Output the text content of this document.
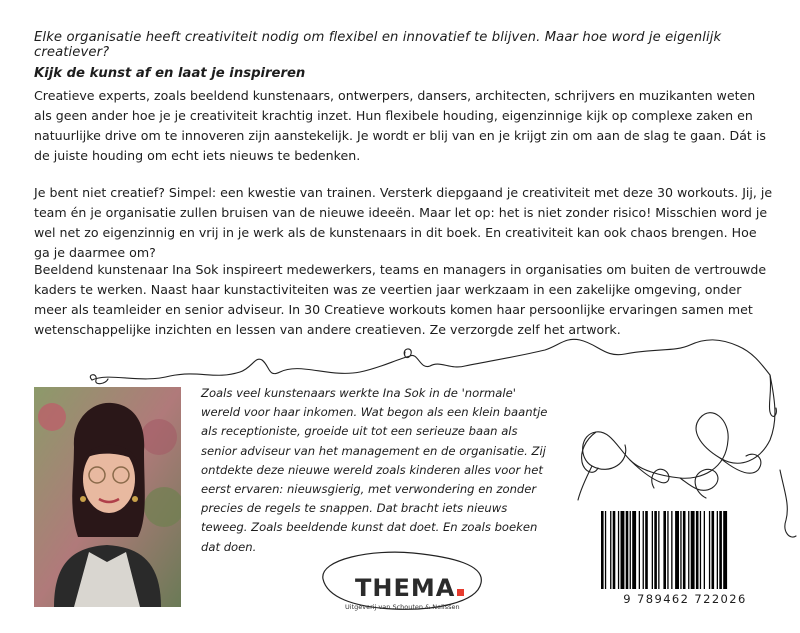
Elke organisatie heeft creativiteit nodig om flexibel en innovatief te blijven. Maar hoe word je eigenlijk creatiever?
Kijk de kunst af en laat je inspireren

Creatieve experts, zoals beeldend kunstenaars, ontwerpers, dansers, architecten, schrijvers en muzikanten weten als geen ander hoe je je creativiteit krachtig inzet. Hun flexibele houding, eigenzinnige kijk op complexe zaken en natuurlijke drive om te innoveren zijn aanstekelijk. Je wordt er blij van en je krijgt zin om aan de slag te gaan. Dát is de juiste houding om echt iets nieuws te bedenken.

Je bent niet creatief? Simpel: een kwestie van trainen. Versterk diepgaand je creativiteit met deze 30 workouts. Jij, je team én je organisatie zullen bruisen van de nieuwe ideeën. Maar let op: het is niet zonder risico! Misschien word je wel net zo eigenzinnig en vrij in je werk als de kunstenaars in dit boek. En creativiteit kan ook chaos brengen. Hoe ga je daarmee om?

Beeldend kunstenaar Ina Sok inspireert medewerkers, teams en managers in organisaties om buiten de vertrouwde kaders te werken. Naast haar kunstactiviteiten was ze veertien jaar werkzaam in een zakelijke omgeving, onder meer als teamleider en senior adviseur. In 30 Creatieve workouts komen haar persoonlijke ervaringen samen met wetenschappelijke inzichten en lessen van andere creatieven. Ze verzorgde zelf het artwork.

Zoals veel kunstenaars werkte Ina Sok in de 'normale' wereld voor haar inkomen. Wat begon als een klein baantje als receptioniste, groeide uit tot een serieuze baan als senior adviseur van het management en de organisatie. Zij ontdekte deze nieuwe wereld zoals kinderen alles voor het eerst ervaren: nieuwsgierig, met verwondering en zonder precies de regels te snappen. Dat bracht iets nieuws teweeg. Zoals beeldende kunst dat doet. En zoals boeken dat doen.

THEMA
Uitgeverij van Schouten & Nelissen
9 789462 722026
